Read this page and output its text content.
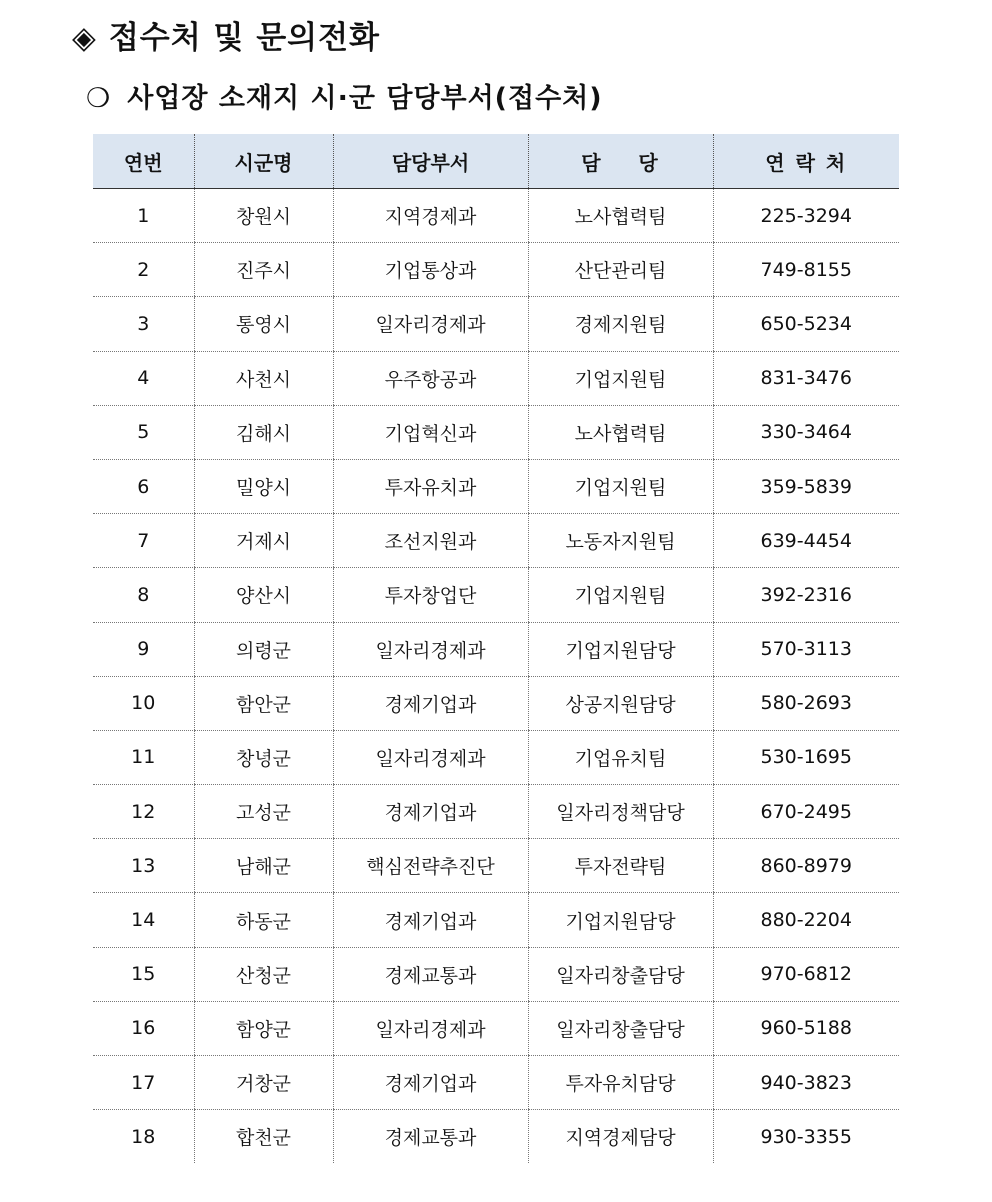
◈ 접수처 및 문의전화
❍ 사업장 소재지 시·군 담당부서(접수처)
연번	시군명	담당부서	담    당	연 락 처
1	창원시	지역경제과	노사협력팀	225-3294
2	진주시	기업통상과	산단관리팀	749-8155
3	통영시	일자리경제과	경제지원팀	650-5234
4	사천시	우주항공과	기업지원팀	831-3476
5	김해시	기업혁신과	노사협력팀	330-3464
6	밀양시	투자유치과	기업지원팀	359-5839
7	거제시	조선지원과	노동자지원팀	639-4454
8	양산시	투자창업단	기업지원팀	392-2316
9	의령군	일자리경제과	기업지원담당	570-3113
10	함안군	경제기업과	상공지원담당	580-2693
11	창녕군	일자리경제과	기업유치팀	530-1695
12	고성군	경제기업과	일자리정책담당	670-2495
13	남해군	핵심전략추진단	투자전략팀	860-8979
14	하동군	경제기업과	기업지원담당	880-2204
15	산청군	경제교통과	일자리창출담당	970-6812
16	함양군	일자리경제과	일자리창출담당	960-5188
17	거창군	경제기업과	투자유치담당	940-3823
18	합천군	경제교통과	지역경제담당	930-3355
